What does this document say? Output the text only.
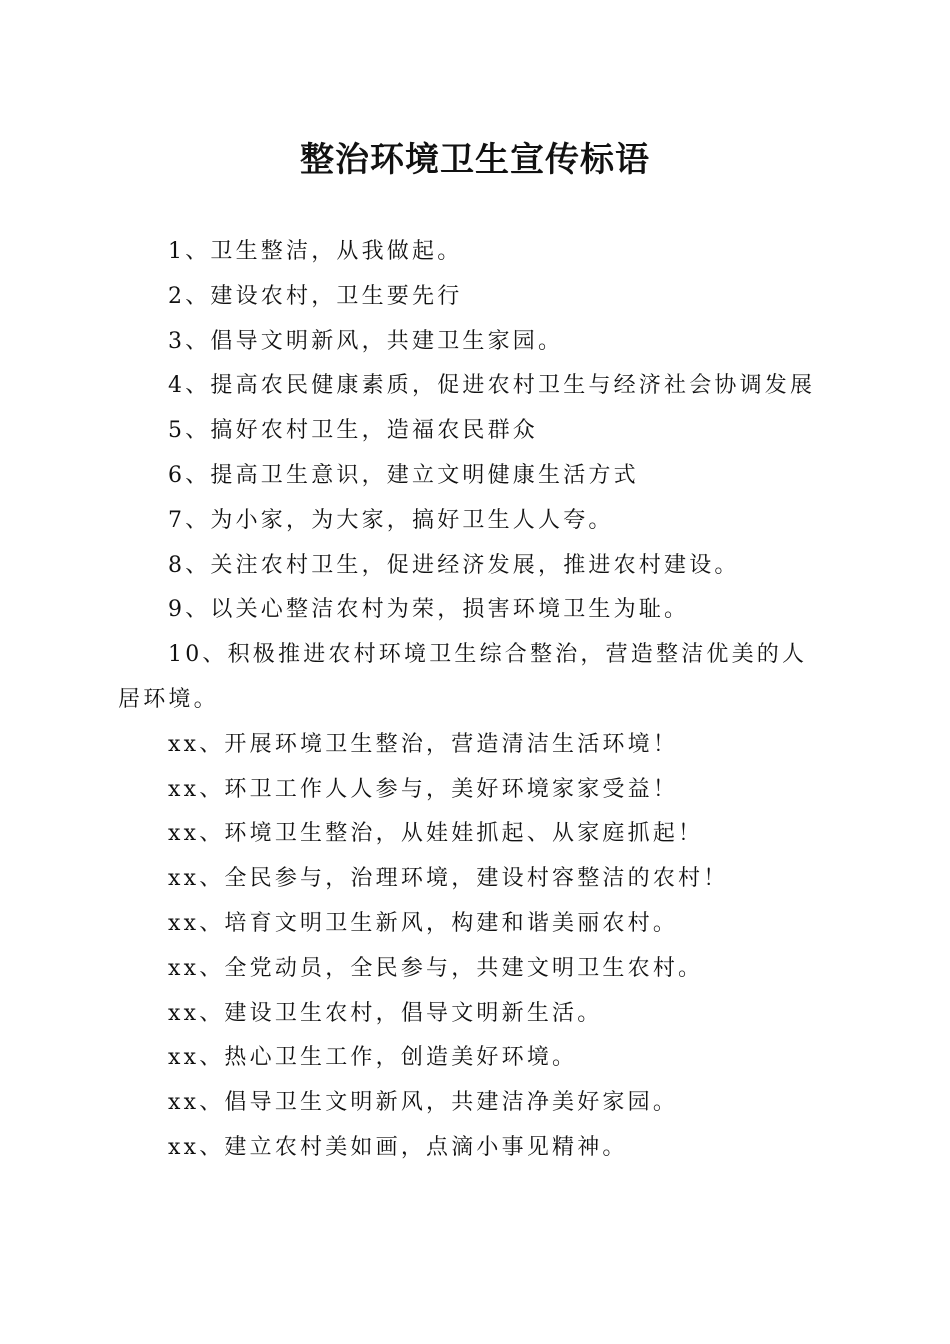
整治环境卫生宣传标语
1、卫生整洁，从我做起。
2、建设农村，卫生要先行
3、倡导文明新风，共建卫生家园。
4、提高农民健康素质，促进农村卫生与经济社会协调发展
5、搞好农村卫生，造福农民群众
6、提高卫生意识，建立文明健康生活方式
7、为小家，为大家，搞好卫生人人夸。
8、关注农村卫生，促进经济发展，推进农村建设。
9、以关心整洁农村为荣，损害环境卫生为耻。
10、积极推进农村环境卫生综合整治，营造整洁优美的人居环境。
xx、开展环境卫生整治，营造清洁生活环境！
xx、环卫工作人人参与，美好环境家家受益！
xx、环境卫生整治，从娃娃抓起、从家庭抓起！
xx、全民参与，治理环境，建设村容整洁的农村！
xx、培育文明卫生新风，构建和谐美丽农村。
xx、全党动员，全民参与，共建文明卫生农村。
xx、建设卫生农村，倡导文明新生活。
xx、热心卫生工作，创造美好环境。
xx、倡导卫生文明新风，共建洁净美好家园。
xx、建立农村美如画，点滴小事见精神。
